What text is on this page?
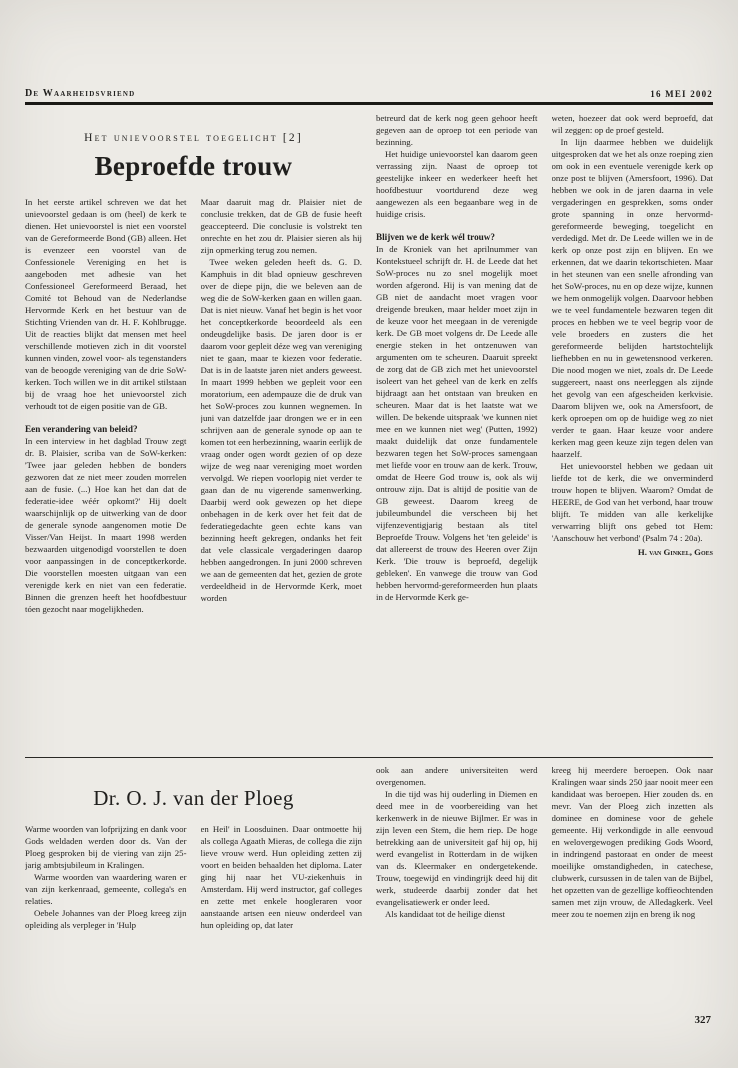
De Waarheidsvriend	16 MEI 2002
Het unievoorstel toegelicht [2]
Beproefde trouw

In het eerste artikel schreven we dat het unievoorstel gedaan is om (heel) de kerk te dienen. Het unievoorstel is niet een voorstel van de Gereformeerde Bond (GB) alleen. Het is evenzeer een voorstel van de Confessionele Vereniging en het is aangeboden met adhesie van het Confessioneel Gereformeerd Beraad, het Comité tot Behoud van de Nederlandse Hervormde Kerk en het bestuur van de Stichting Vrienden van dr. H. F. Kohlbrugge. Uit de reacties blijkt dat mensen met heel verschillende motieven zich in dit voorstel kunnen vinden, zowel voor- als tegenstanders van de beoogde vereniging van de drie SoW-kerken. Toch willen we in dit artikel stilstaan bij de vraag hoe het unievoorstel zich verhoudt tot de eigen positie van de GB.

Een verandering van beleid?

In een interview in het dagblad Trouw zegt dr. B. Plaisier, scriba van de SoW-kerken: 'Twee jaar geleden hebben de bonders gezworen dat ze niet meer zouden morrelen aan de fusie. (...) Hoe kan het dan dat de federatie-idee wéér opkomt?' Hij doelt waarschijnlijk op de uitwerking van de door de generale synode aangenomen motie De Visser/Van Heijst. In maart 1998 werden bezwaarden uitgenodigd voorstellen te doen voor aanpassingen in de conceptkerkorde. Die voorstellen moesten uitgaan van een verenigde kerk en niet van een federatie. Binnen die grenzen heeft het hoofdbestuur tóen gezocht naar mogelijkheden.

Maar daaruit mag dr. Plaisier niet de conclusie trekken, dat de GB de fusie heeft geaccepteerd. Die conclusie is volstrekt ten onrechte en het zou dr. Plaisier sieren als hij zijn opmerking terug zou nemen.

Twee weken geleden heeft ds. G. D. Kamphuis in dit blad opnieuw geschreven over de diepe pijn, die we beleven aan de weg die de SoW-kerken gaan en willen gaan. Dat is niet nieuw. Vanaf het begin is het voor het conceptkerkorde beoordeeld als een ondeugdelijke basis. De jaren door is er daarom voor gepleit déze weg van vereniging niet te gaan, maar te kiezen voor federatie. Dat is in de laatste jaren niet anders geweest. In maart 1999 hebben we gepleit voor een moratorium, een adempauze die de druk van het SoW-proces zou kunnen wegnemen. In juni van datzelfde jaar drongen we er in een schrijven aan de generale synode op aan te komen tot een herbezinning, waarin eerlijk de vraag onder ogen wordt gezien of op deze wijze de weg naar vereniging moet worden vervolgd. We riepen voorlopig niet verder te gaan dan de nu vigerende samenwerking. Daarbij werd ook gewezen op het diepe onbehagen in de kerk over het feit dat de federatiegedachte geen echte kans van bezinning heeft gekregen, ondanks het feit dat vele classicale vergaderingen daarop hebben aangedrongen. In juni 2000 schreven we aan de gemeenten dat het, gezien de grote verdeeldheid in de Hervormde Kerk, moet worden

betreurd dat de kerk nog geen gehoor heeft gegeven aan de oproep tot een periode van bezinning.

Het huidige unievoorstel kan daarom geen verrassing zijn. Naast de oproep tot geestelijke inkeer en wederkeer heeft het hoofdbestuur voortdurend deze weg aangewezen als een begaanbare weg in de huidige crisis.

Blijven we de kerk wél trouw?

In de Kroniek van het aprilnummer van Kontekstueel schrijft dr. H. de Leede dat het SoW-proces nu zo snel mogelijk moet worden afgerond. Hij is van mening dat de GB niet de aandacht moet vragen voor dreigende breuken, maar helder moet zijn in de keuze voor het meegaan in de verenigde kerk. De GB moet volgens dr. De Leede alle energie steken in het ontzenuwen van argumenten om te scheuren. Daaruit spreekt de zorg dat de GB zich met het unievoorstel isoleert van het geheel van de kerk en zelfs bijdraagt aan het ontstaan van breuken en scheuren. Maar dat is het laatste wat we willen. De bekende uitspraak 'we kunnen niet mee en we kunnen niet weg' (Putten, 1992) maakt duidelijk dat onze fundamentele bezwaren tegen het SoW-proces samengaan met liefde voor en trouw aan de kerk. Trouw, omdat de Heere God trouw is, ook als wij ontrouw zijn. Dat is altijd de positie van de GB geweest. Daarom kreeg de jubileumbundel die verscheen bij het vijfenzeventigjarig bestaan als titel Beproefde Trouw. Volgens het 'ten geleide' is dat allereerst de trouw des Heeren over Zijn Kerk. 'Die trouw is beproefd, degelijk gebleken'. En vanwege die trouw van God hebben hervormd-gereformeerden hun plaats in de Hervormde Kerk ge-

weten, hoezeer dat ook werd beproefd, dat wil zeggen: op de proef gesteld.

In lijn daarmee hebben we duidelijk uitgesproken dat we het als onze roeping zien om ook in een eventuele verenigde kerk op onze post te blijven (Amersfoort, 1996). Dat hebben we ook in de jaren daarna in vele vergaderingen en gesprekken, soms onder grote spanning in onze hervormd-gereformeerde beweging, toegelicht en verdedigd. Met dr. De Leede willen we in de kerk op onze post zijn en blijven. En we erkennen, dat we daarin tekortschieten. Maar in het steunen van een snelle afronding van het SoW-proces, nu en op deze wijze, kunnen we hem onmogelijk volgen. Daarvoor hebben we te veel fundamentele bezwaren tegen dit proces en hebben we te veel begrip voor de vele broeders en zusters die het gereformeerde belijden hartstochtelijk liefhebben en nu in gewetensnood verkeren. Die nood mogen we niet, zoals dr. De Leede suggereert, naast ons neerleggen als zijnde het gevolg van een afgescheiden kerkvisie. Daarom blijven we, ook na Amersfoort, de kerk oproepen om op de huidige weg zo niet verder te gaan. Haar keuze voor andere kerken mag geen keuze zijn tegen delen van haarzelf.

Het unievoorstel hebben we gedaan uit liefde tot de kerk, die we onverminderd trouw hopen te blijven. Waarom? Omdat de HEERE, de God van het verbond, haar trouw blijft. Te midden van alle kerkelijke verwarring blijft ons gebed tot Hem: 'Aanschouw het verbond' (Psalm 74 : 20a).

H. van Ginkel, Goes

Dr. O. J. van der Ploeg

Warme woorden van lofprijzing en dank voor Gods weldaden werden door ds. Van der Ploeg gesproken bij de viering van zijn 25-jarig ambtsjubileum in Kralingen.

Warme woorden van waardering waren er van zijn kerkenraad, gemeente, collega's en relaties.

Oebele Johannes van der Ploeg kreeg zijn opleiding als verpleger in 'Hulp

en Heil' in Loosduinen. Daar ontmoette hij als collega Agaath Mieras, de collega die zijn lieve vrouw werd. Hun opleiding zetten zij voort en beiden behaalden het diploma. Later ging hij naar het VU-ziekenhuis in Amsterdam. Hij werd instructor, gaf colleges en zette met enkele hoogleraren voor aanstaande artsen een nieuw onderdeel van hun opleiding op, dat later

ook aan andere universiteiten werd overgenomen.

In die tijd was hij ouderling in Diemen en deed mee in de voorbereiding van het kerkenwerk in de nieuwe Bijlmer. Er was in zijn leven een Stem, die hem riep. De hoge betrekking aan de universiteit gaf hij op, hij werd evangelist in Rotterdam in de wijken van ds. Kleermaker en ondergetekende. Trouw, toegewijd en vindingrijk deed hij dit werk, studeerde daarbij zonder dat het evangelisatiewerk er onder leed.

Als kandidaat tot de heilige dienst

kreeg hij meerdere beroepen. Ook naar Kralingen waar sinds 250 jaar nooit meer een kandidaat was beroepen. Hier zouden ds. en mevr. Van der Ploeg zich inzetten als dominee en dominese voor de gehele gemeente. Hij verkondigde in alle eenvoud en welovergewogen prediking Gods Woord, in indringend pastoraat en onder de meest moeilijke omstandigheden, in catechese, clubwerk, cursussen in de talen van de Bijbel, het opzetten van de gezellige koffieochtenden samen met zijn vrouw, de Alledagkerk. Veel meer zou te noemen zijn en breng ik nog

327
